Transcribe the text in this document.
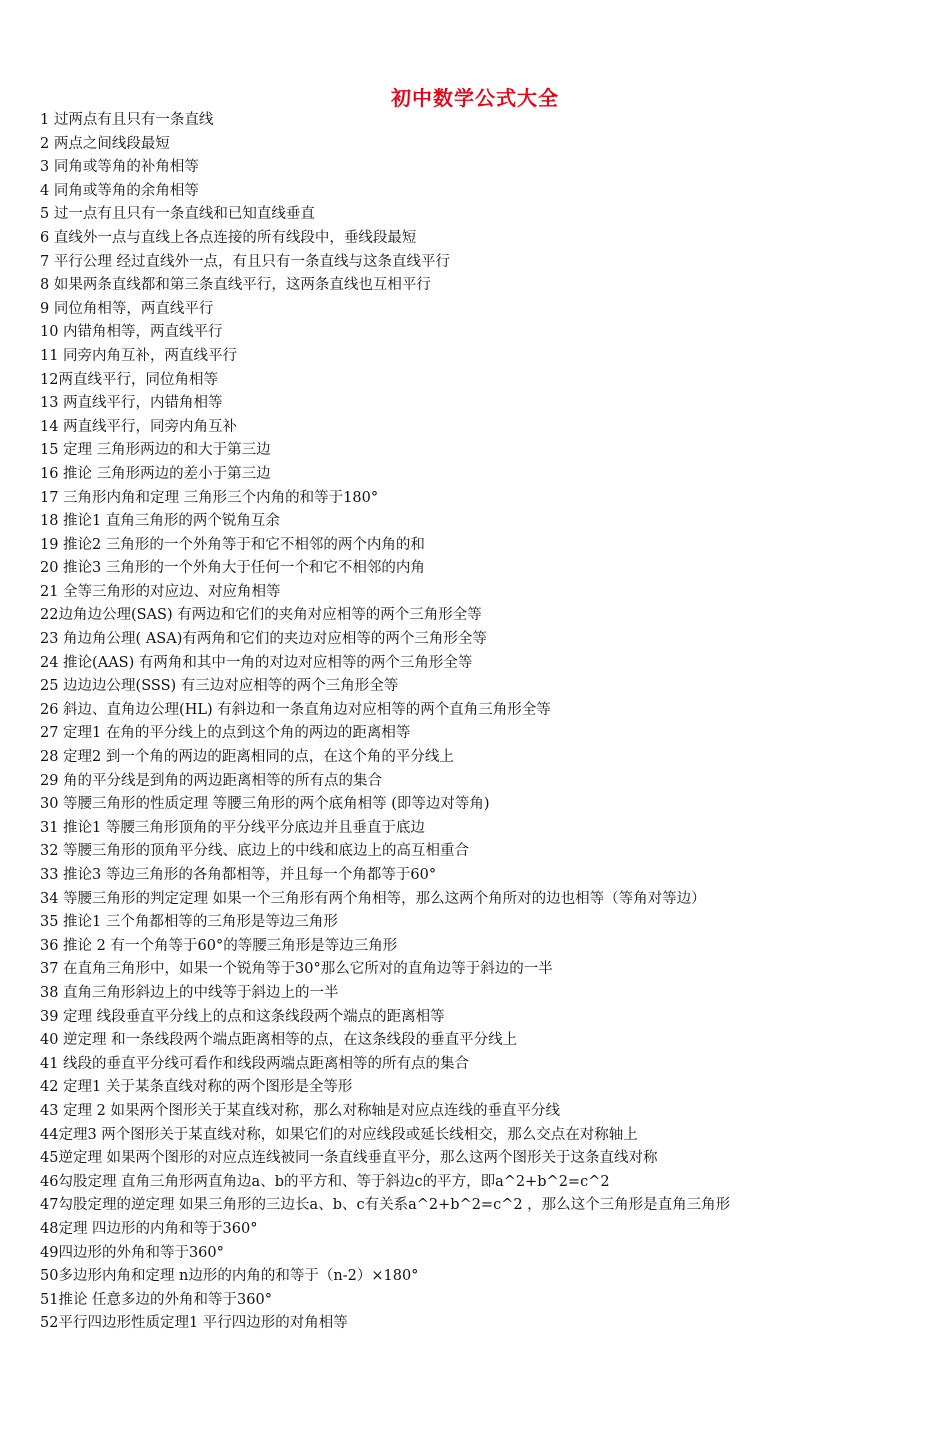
初中数学公式大全
1 过两点有且只有一条直线
2 两点之间线段最短
3 同角或等角的补角相等
4 同角或等角的余角相等
5 过一点有且只有一条直线和已知直线垂直
6 直线外一点与直线上各点连接的所有线段中，垂线段最短
7 平行公理 经过直线外一点，有且只有一条直线与这条直线平行
8 如果两条直线都和第三条直线平行，这两条直线也互相平行
9 同位角相等，两直线平行
10 内错角相等，两直线平行
11 同旁内角互补，两直线平行
12两直线平行，同位角相等
13 两直线平行，内错角相等
14 两直线平行，同旁内角互补
15 定理 三角形两边的和大于第三边
16 推论 三角形两边的差小于第三边
17 三角形内角和定理 三角形三个内角的和等于180°
18 推论1 直角三角形的两个锐角互余
19 推论2 三角形的一个外角等于和它不相邻的两个内角的和
20 推论3 三角形的一个外角大于任何一个和它不相邻的内角
21 全等三角形的对应边、对应角相等
22边角边公理(SAS) 有两边和它们的夹角对应相等的两个三角形全等
23 角边角公理( ASA)有两角和它们的夹边对应相等的两个三角形全等
24 推论(AAS) 有两角和其中一角的对边对应相等的两个三角形全等
25 边边边公理(SSS) 有三边对应相等的两个三角形全等
26 斜边、直角边公理(HL) 有斜边和一条直角边对应相等的两个直角三角形全等
27 定理1 在角的平分线上的点到这个角的两边的距离相等
28 定理2 到一个角的两边的距离相同的点，在这个角的平分线上
29 角的平分线是到角的两边距离相等的所有点的集合
30 等腰三角形的性质定理 等腰三角形的两个底角相等 (即等边对等角)
31 推论1 等腰三角形顶角的平分线平分底边并且垂直于底边
32 等腰三角形的顶角平分线、底边上的中线和底边上的高互相重合
33 推论3 等边三角形的各角都相等，并且每一个角都等于60°
34 等腰三角形的判定定理 如果一个三角形有两个角相等，那么这两个角所对的边也相等（等角对等边）
35 推论1 三个角都相等的三角形是等边三角形
36 推论 2 有一个角等于60°的等腰三角形是等边三角形
37 在直角三角形中，如果一个锐角等于30°那么它所对的直角边等于斜边的一半
38 直角三角形斜边上的中线等于斜边上的一半
39 定理 线段垂直平分线上的点和这条线段两个端点的距离相等
40 逆定理 和一条线段两个端点距离相等的点，在这条线段的垂直平分线上
41 线段的垂直平分线可看作和线段两端点距离相等的所有点的集合
42 定理1 关于某条直线对称的两个图形是全等形
43 定理 2 如果两个图形关于某直线对称，那么对称轴是对应点连线的垂直平分线
44定理3 两个图形关于某直线对称，如果它们的对应线段或延长线相交，那么交点在对称轴上
45逆定理 如果两个图形的对应点连线被同一条直线垂直平分，那么这两个图形关于这条直线对称
46勾股定理 直角三角形两直角边a、b的平方和、等于斜边c的平方，即a^2+b^2=c^2
47勾股定理的逆定理 如果三角形的三边长a、b、c有关系a^2+b^2=c^2 ，那么这个三角形是直角三角形
48定理 四边形的内角和等于360°
49四边形的外角和等于360°
50多边形内角和定理 n边形的内角的和等于（n-2）×180°
51推论 任意多边的外角和等于360°
52平行四边形性质定理1 平行四边形的对角相等
